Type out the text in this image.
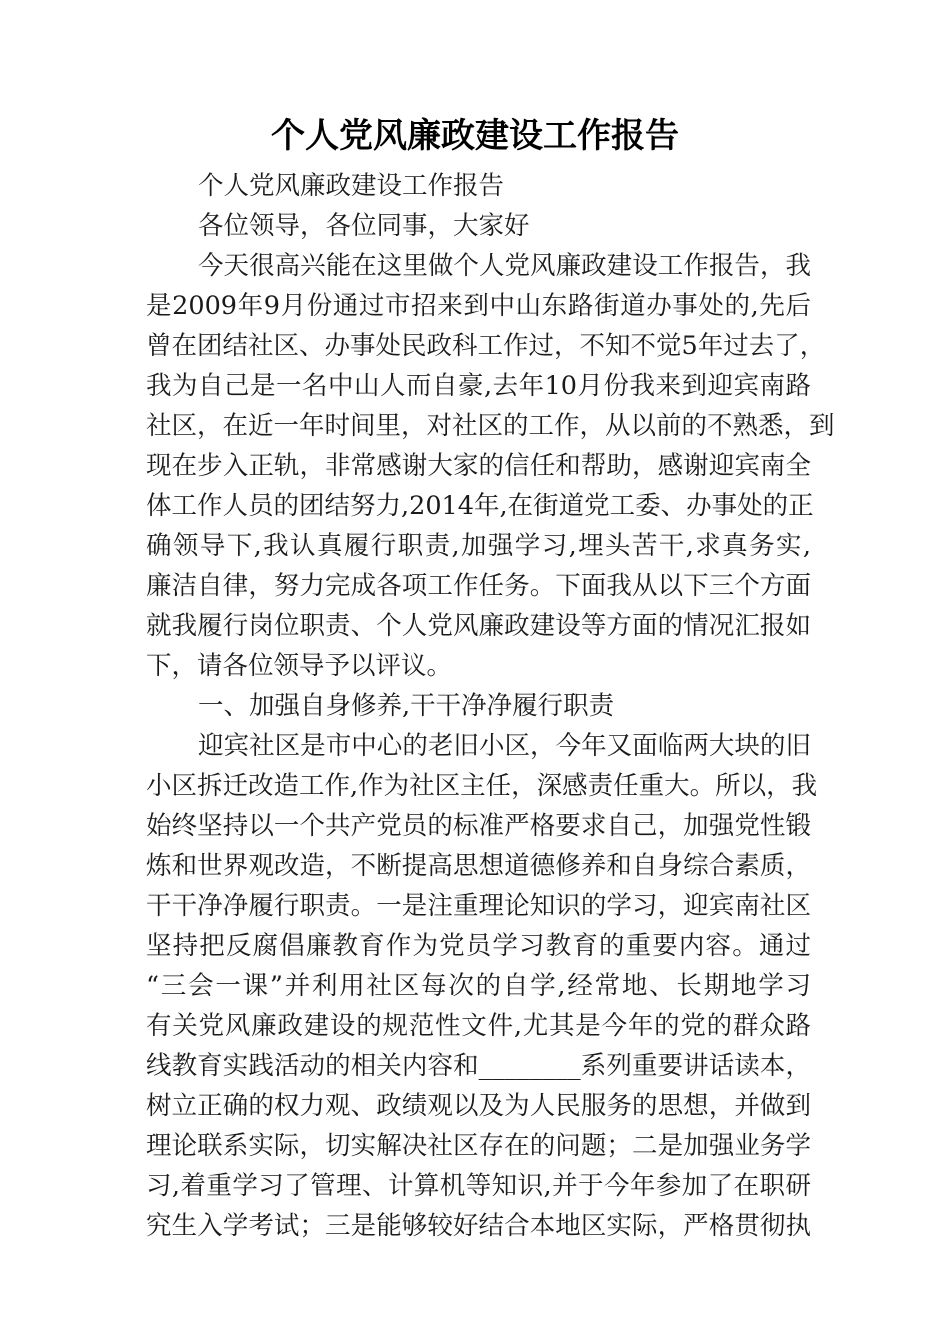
个人党风廉政建设工作报告
个人党风廉政建设工作报告
各位领导，各位同事，大家好
今天很高兴能在这里做个人党风廉政建设工作报告，我
是2009年9月份通过市招来到中山东路街道办事处的,先后
曾在团结社区、办事处民政科工作过，不知不觉5年过去了，
我为自己是一名中山人而自豪,去年10月份我来到迎宾南路
社区，在近一年时间里，对社区的工作，从以前的不熟悉，到
现在步入正轨，非常感谢大家的信任和帮助，感谢迎宾南全
体工作人员的团结努力,2014年,在街道党工委、办事处的正
确领导下,我认真履行职责,加强学习,埋头苦干,求真务实,
廉洁自律，努力完成各项工作任务。下面我从以下三个方面
就我履行岗位职责、个人党风廉政建设等方面的情况汇报如
下，请各位领导予以评议。
一、加强自身修养,干干净净履行职责
迎宾社区是市中心的老旧小区，今年又面临两大块的旧
小区拆迁改造工作,作为社区主任，深感责任重大。所以，我
始终坚持以一个共产党员的标准严格要求自己，加强党性锻
炼和世界观改造，不断提高思想道德修养和自身综合素质，
干干净净履行职责。一是注重理论知识的学习，迎宾南社区
坚持把反腐倡廉教育作为党员学习教育的重要内容。通过
“三会一课”并利用社区每次的自学,经常地、长期地学习
有关党风廉政建设的规范性文件,尤其是今年的党的群众路
线教育实践活动的相关内容和________系列重要讲话读本，
树立正确的权力观、政绩观以及为人民服务的思想，并做到
理论联系实际，切实解决社区存在的问题；二是加强业务学
习,着重学习了管理、计算机等知识,并于今年参加了在职研
究生入学考试；三是能够较好结合本地区实际，严格贯彻执
